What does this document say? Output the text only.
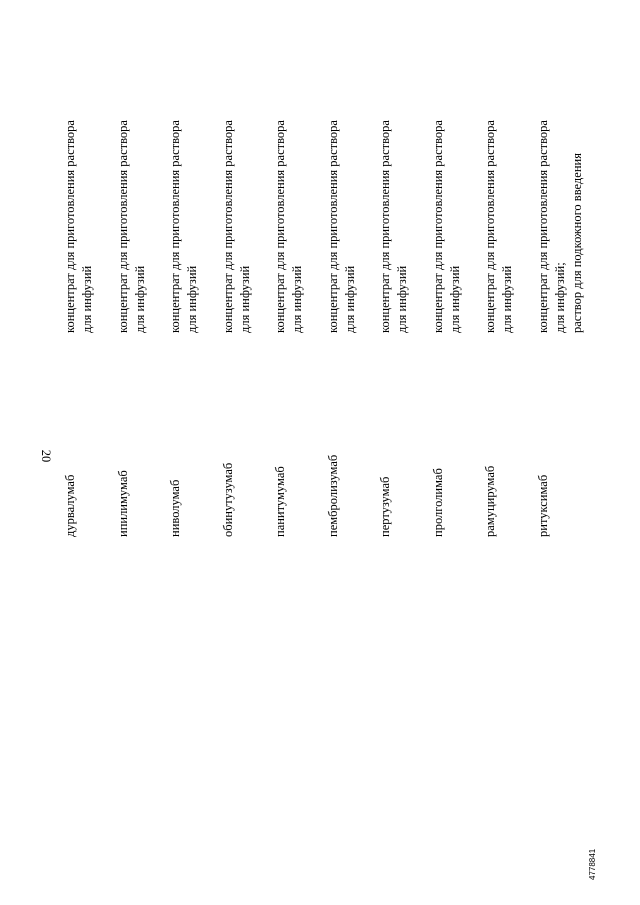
20
дурвалумаб
концентрат для приготовления раствора для инфузий
ипилимумаб
концентрат для приготовления раствора для инфузий
ниволумаб
концентрат для приготовления раствора для инфузий
обинутузумаб
концентрат для приготовления раствора для инфузий
панитумумаб
концентрат для приготовления раствора для инфузий
пембролизумаб
концентрат для приготовления раствора для инфузий
пертузумаб
концентрат для приготовления раствора для инфузий
пролголимаб
концентрат для приготовления раствора для инфузий
рамуцирумаб
концентрат для приготовления раствора для инфузий
ритуксимаб
концентрат для приготовления раствора для инфузий; раствор для подкожного введения
4778841
